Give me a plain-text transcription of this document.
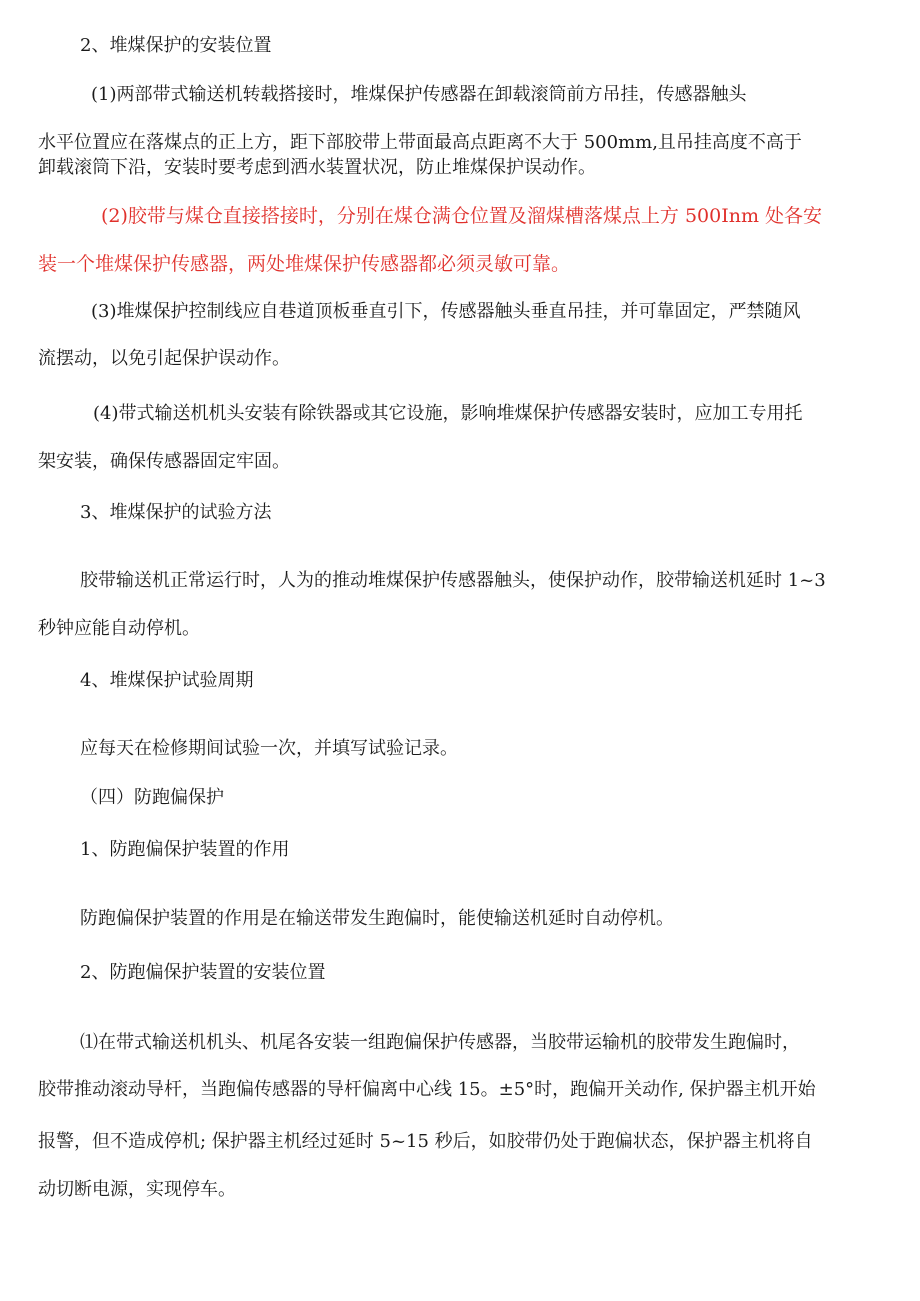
2、堆煤保护的安装位置
(1)两部带式输送机转载搭接时，堆煤保护传感器在卸载滚筒前方吊挂，传感器触头
水平位置应在落煤点的正上方，距下部胶带上带面最高点距离不大于 500mm,且吊挂高度不高于
卸载滚筒下沿，安装时要考虑到洒水装置状况，防止堆煤保护误动作。
(2)胶带与煤仓直接搭接时，分别在煤仓满仓位置及溜煤槽落煤点上方 500Inm 处各安
装一个堆煤保护传感器，两处堆煤保护传感器都必须灵敏可靠。
(3)堆煤保护控制线应自巷道顶板垂直引下，传感器触头垂直吊挂，并可靠固定，严禁随风
流摆动，以免引起保护误动作。
(4)带式输送机机头安装有除铁器或其它设施，影响堆煤保护传感器安装时，应加工专用托
架安装，确保传感器固定牢固。
3、堆煤保护的试验方法
胶带输送机正常运行时，人为的推动堆煤保护传感器触头，使保护动作，胶带输送机延时 1~3
秒钟应能自动停机。
4、堆煤保护试验周期
应每天在检修期间试验一次，并填写试验记录。
（四）防跑偏保护
1、防跑偏保护装置的作用
防跑偏保护装置的作用是在输送带发生跑偏时，能使输送机延时自动停机。
2、防跑偏保护装置的安装位置
⑴在带式输送机机头、机尾各安装一组跑偏保护传感器，当胶带运输机的胶带发生跑偏时，
胶带推动滚动导杆，当跑偏传感器的导杆偏离中心线 15。±5°时，跑偏开关动作, 保护器主机开始
报警，但不造成停机; 保护器主机经过延时 5~15 秒后，如胶带仍处于跑偏状态，保护器主机将自
动切断电源，实现停车。
